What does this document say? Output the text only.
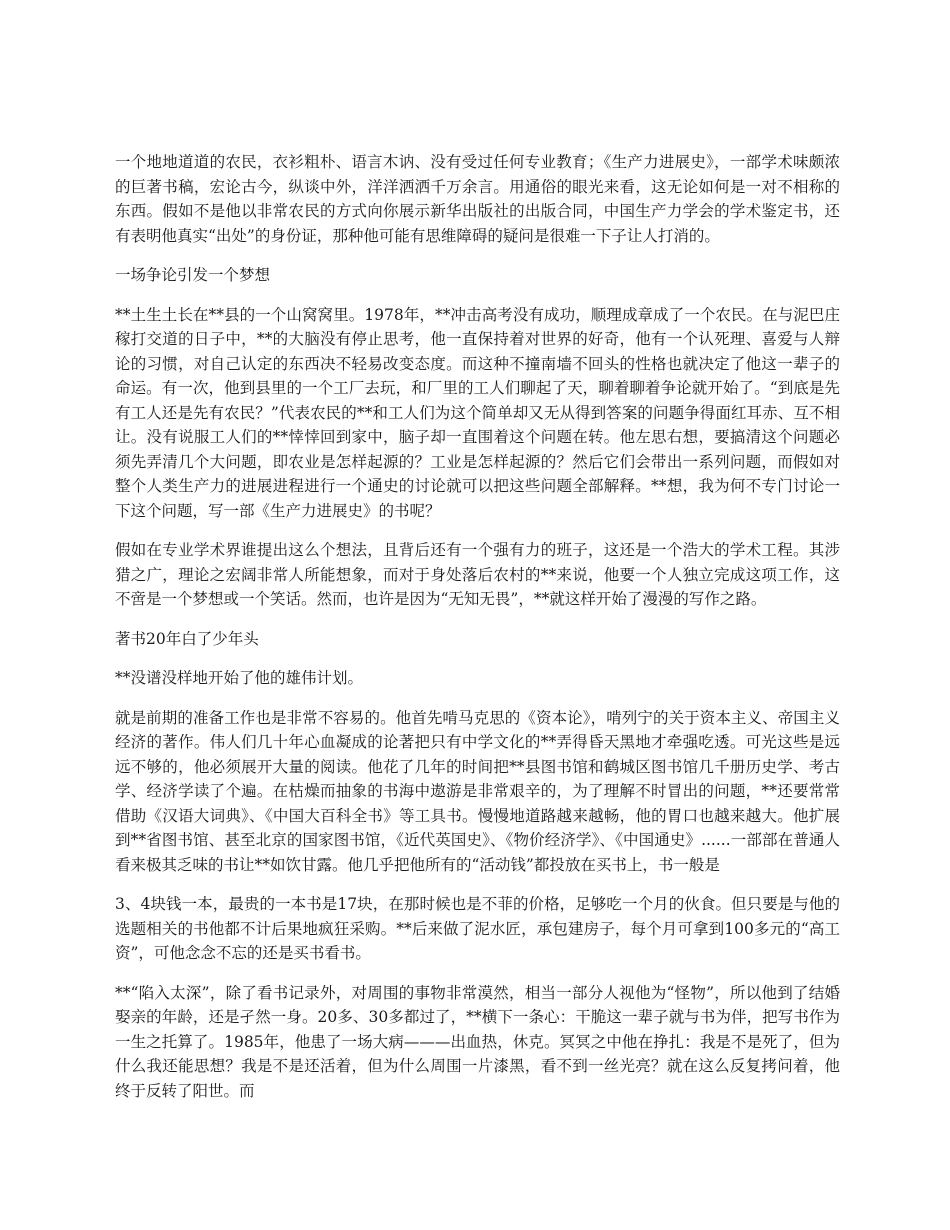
一个地地道道的农民，衣衫粗朴、语言木讷、没有受过任何专业教育；《生产力进展史》，一部学术味颇浓的巨著书稿，宏论古今，纵谈中外，洋洋洒洒千万余言。用通俗的眼光来看，这无论如何是一对不相称的东西。假如不是他以非常农民的方式向你展示新华出版社的出版合同，中国生产力学会的学术鉴定书，还有表明他真实“出处”的身份证，那种他可能有思维障碍的疑问是很难一下子让人打消的。

一场争论引发一个梦想

**土生土长在**县的一个山窝窝里。1978年，**冲击高考没有成功，顺理成章成了一个农民。在与泥巴庄稼打交道的日子中，**的大脑没有停止思考，他一直保持着对世界的好奇，他有一个认死理、喜爱与人辩论的习惯，对自己认定的东西决不轻易改变态度。而这种不撞南墙不回头的性格也就决定了他这一辈子的命运。有一次，他到县里的一个工厂去玩，和厂里的工人们聊起了天，聊着聊着争论就开始了。“到底是先有工人还是先有农民？”代表农民的**和工人们为这个简单却又无从得到答案的问题争得面红耳赤、互不相让。没有说服工人们的**悻悻回到家中，脑子却一直围着这个问题在转。他左思右想，要搞清这个问题必须先弄清几个大问题，即农业是怎样起源的？工业是怎样起源的？然后它们会带出一系列问题，而假如对整个人类生产力的进展进程进行一个通史的讨论就可以把这些问题全部解释。**想，我为何不专门讨论一下这个问题，写一部《生产力进展史》的书呢？

假如在专业学术界谁提出这么个想法，且背后还有一个强有力的班子，这还是一个浩大的学术工程。其涉猎之广，理论之宏阔非常人所能想象，而对于身处落后农村的**来说，他要一个人独立完成这项工作，这不啻是一个梦想或一个笑话。然而，也许是因为“无知无畏”，**就这样开始了漫漫的写作之路。

著书20年白了少年头

**没谱没样地开始了他的雄伟计划。

就是前期的准备工作也是非常不容易的。他首先啃马克思的《资本论》，啃列宁的关于资本主义、帝国主义经济的著作。伟人们几十年心血凝成的论著把只有中学文化的**弄得昏天黑地才牵强吃透。可光这些是远远不够的，他必须展开大量的阅读。他花了几年的时间把**县图书馆和鹤城区图书馆几千册历史学、考古学、经济学读了个遍。在枯燥而抽象的书海中遨游是非常艰辛的，为了理解不时冒出的问题，**还要常常借助《汉语大词典》、《中国大百科全书》等工具书。慢慢地道路越来越畅，他的胃口也越来越大。他扩展到**省图书馆、甚至北京的国家图书馆，《近代英国史》、《物价经济学》、《中国通史》......一部部在普通人看来极其乏味的书让**如饮甘露。他几乎把他所有的“活动钱”都投放在买书上，书一般是

3、4块钱一本，最贵的一本书是17块，在那时候也是不菲的价格，足够吃一个月的伙食。但只要是与他的选题相关的书他都不计后果地疯狂采购。**后来做了泥水匠，承包建房子，每个月可拿到100多元的“高工资”，可他念念不忘的还是买书看书。

**“陷入太深”，除了看书记录外，对周围的事物非常漠然，相当一部分人视他为“怪物”，所以他到了结婚娶亲的年龄，还是孑然一身。20多、30多都过了，**横下一条心：干脆这一辈子就与书为伴，把写书作为一生之托算了。1985年，他患了一场大病———出血热，休克。冥冥之中他在挣扎：我是不是死了，但为什么我还能思想？我是不是还活着，但为什么周围一片漆黑，看不到一丝光亮？就在这么反复拷问着，他终于反转了阳世。而
